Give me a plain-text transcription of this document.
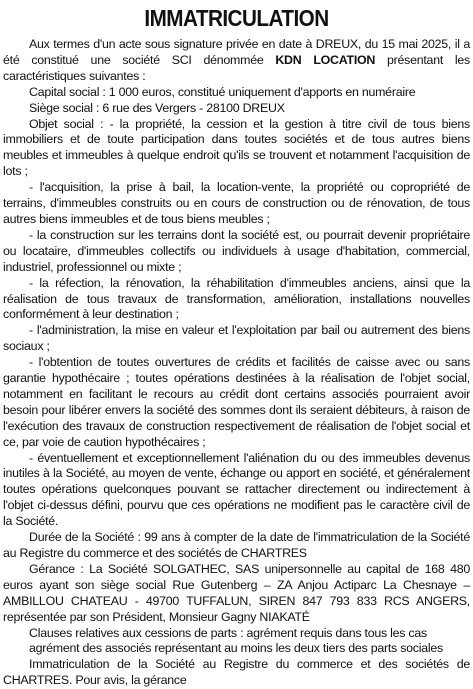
IMMATRICULATION

Aux termes d'un acte sous signature privée en date à DREUX, du 15 mai 2025, il a été constitué une société SCI dénommée KDN LOCATION présentant les caractéristiques suivantes :

Capital social : 1 000 euros, constitué uniquement d'apports en numéraire

Siège social : 6 rue des Vergers - 28100 DREUX

Objet social : - la propriété, la cession et la gestion à titre civil de tous biens immobiliers et de toute participation dans toutes sociétés et de tous autres biens meubles et immeubles à quelque endroit qu'ils se trouvent et notamment l'acquisition de lots ;

- l'acquisition, la prise à bail, la location-vente, la propriété ou copropriété de terrains, d'immeubles construits ou en cours de construction ou de rénovation, de tous autres biens immeubles et de tous biens meubles ;

- la construction sur les terrains dont la société est, ou pourrait devenir propriétaire ou locataire, d'immeubles collectifs ou individuels à usage d'habitation, commercial, industriel, professionnel ou mixte ;

- la réfection, la rénovation, la réhabilitation d'immeubles anciens, ainsi que la réalisation de tous travaux de transformation, amélioration, installations nouvelles conformément à leur destination ;

- l'administration, la mise en valeur et l'exploitation par bail ou autrement des biens sociaux ;

- l'obtention de toutes ouvertures de crédits et facilités de caisse avec ou sans garantie hypothécaire ; toutes opérations destinées à la réalisation de l'objet social, notamment en facilitant le recours au crédit dont certains associés pourraient avoir besoin pour libérer envers la société des sommes dont ils seraient débiteurs, à raison de l'exécution des travaux de construction respectivement de réalisation de l'objet social et ce, par voie de caution hypothécaires ;

- éventuellement et exceptionnellement l'aliénation du ou des immeubles devenus inutiles à la Société, au moyen de vente, échange ou apport en société, et généralement toutes opérations quelconques pouvant se rattacher directement ou indirectement à l'objet ci-dessus défini, pourvu que ces opérations ne modifient pas le caractère civil de la Société.

Durée de la Société : 99 ans à compter de la date de l'immatriculation de la Société au Registre du commerce et des sociétés de CHARTRES

Gérance : La Société SOLGATHEC, SAS unipersonnelle au capital de 168 480 euros ayant son siège social Rue Gutenberg – ZA Anjou Actiparc La Chesnaye – AMBILLOU CHATEAU - 49700 TUFFALUN, SIREN 847 793 833 RCS ANGERS, représentée par son Président, Monsieur Gagny NIAKATÉ

Clauses relatives aux cessions de parts : agrément requis dans tous les cas

agrément des associés représentant au moins les deux tiers des parts sociales

Immatriculation de la Société au Registre du commerce et des sociétés de CHARTRES. Pour avis, la gérance
